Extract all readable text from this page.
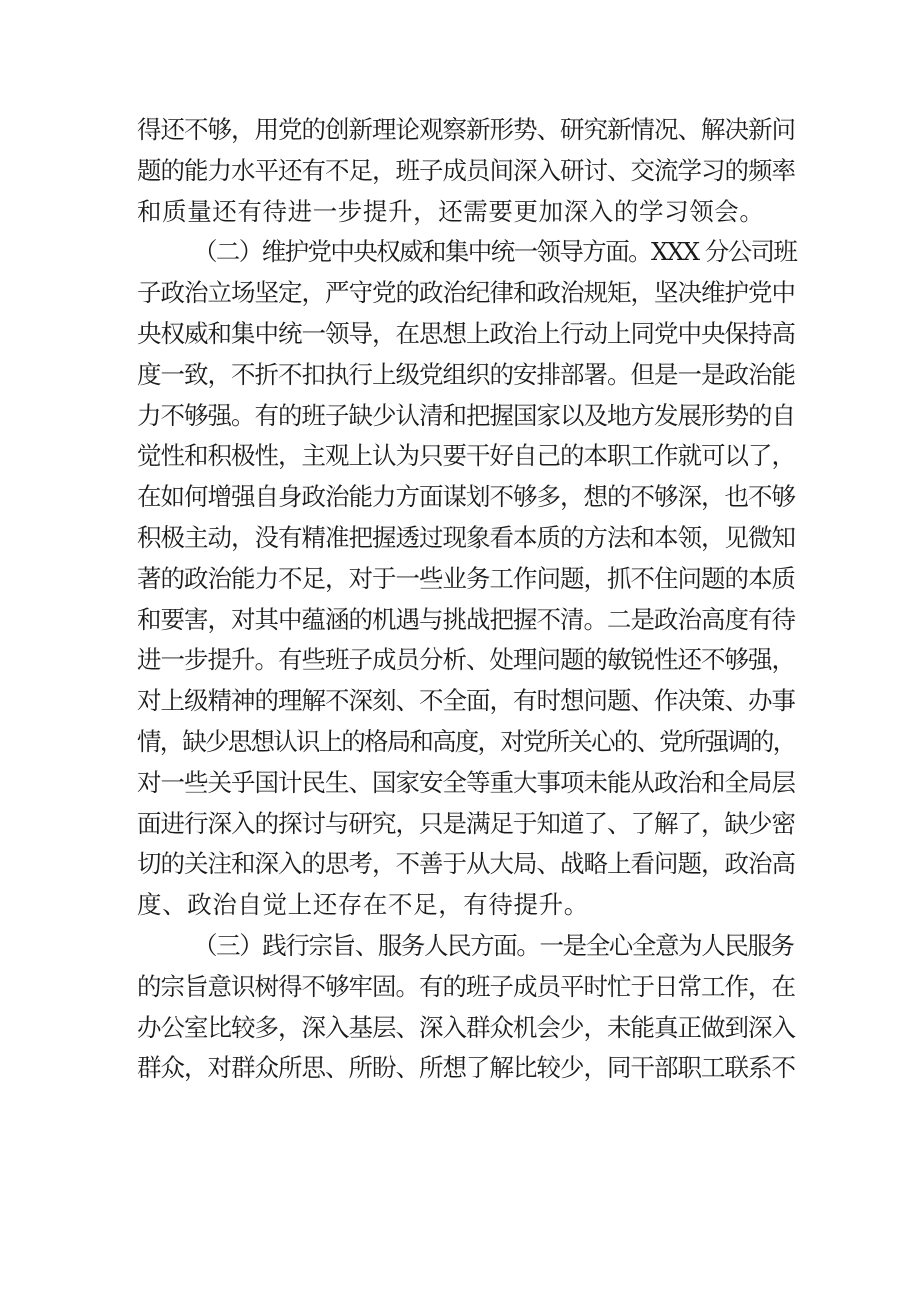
得还不够，用党的创新理论观察新形势、研究新情况、解决新问
题的能力水平还有不足，班子成员间深入研讨、交流学习的频率
和质量还有待进一步提升，还需要更加深入的学习领会。
（二）维护党中央权威和集中统一领导方面。XXX 分公司班
子政治立场坚定，严守党的政治纪律和政治规矩，坚决维护党中
央权威和集中统一领导，在思想上政治上行动上同党中央保持高
度一致，不折不扣执行上级党组织的安排部署。但是一是政治能
力不够强。有的班子缺少认清和把握国家以及地方发展形势的自
觉性和积极性，主观上认为只要干好自己的本职工作就可以了，
在如何增强自身政治能力方面谋划不够多，想的不够深，也不够
积极主动，没有精准把握透过现象看本质的方法和本领，见微知
著的政治能力不足，对于一些业务工作问题，抓不住问题的本质
和要害，对其中蕴涵的机遇与挑战把握不清。二是政治高度有待
进一步提升。有些班子成员分析、处理问题的敏锐性还不够强，
对上级精神的理解不深刻、不全面，有时想问题、作决策、办事
情，缺少思想认识上的格局和高度，对党所关心的、党所强调的，
对一些关乎国计民生、国家安全等重大事项未能从政治和全局层
面进行深入的探讨与研究，只是满足于知道了、了解了，缺少密
切的关注和深入的思考，不善于从大局、战略上看问题，政治高
度、政治自觉上还存在不足，有待提升。
（三）践行宗旨、服务人民方面。一是全心全意为人民服务
的宗旨意识树得不够牢固。有的班子成员平时忙于日常工作，在
办公室比较多，深入基层、深入群众机会少，未能真正做到深入
群众，对群众所思、所盼、所想了解比较少，同干部职工联系不
